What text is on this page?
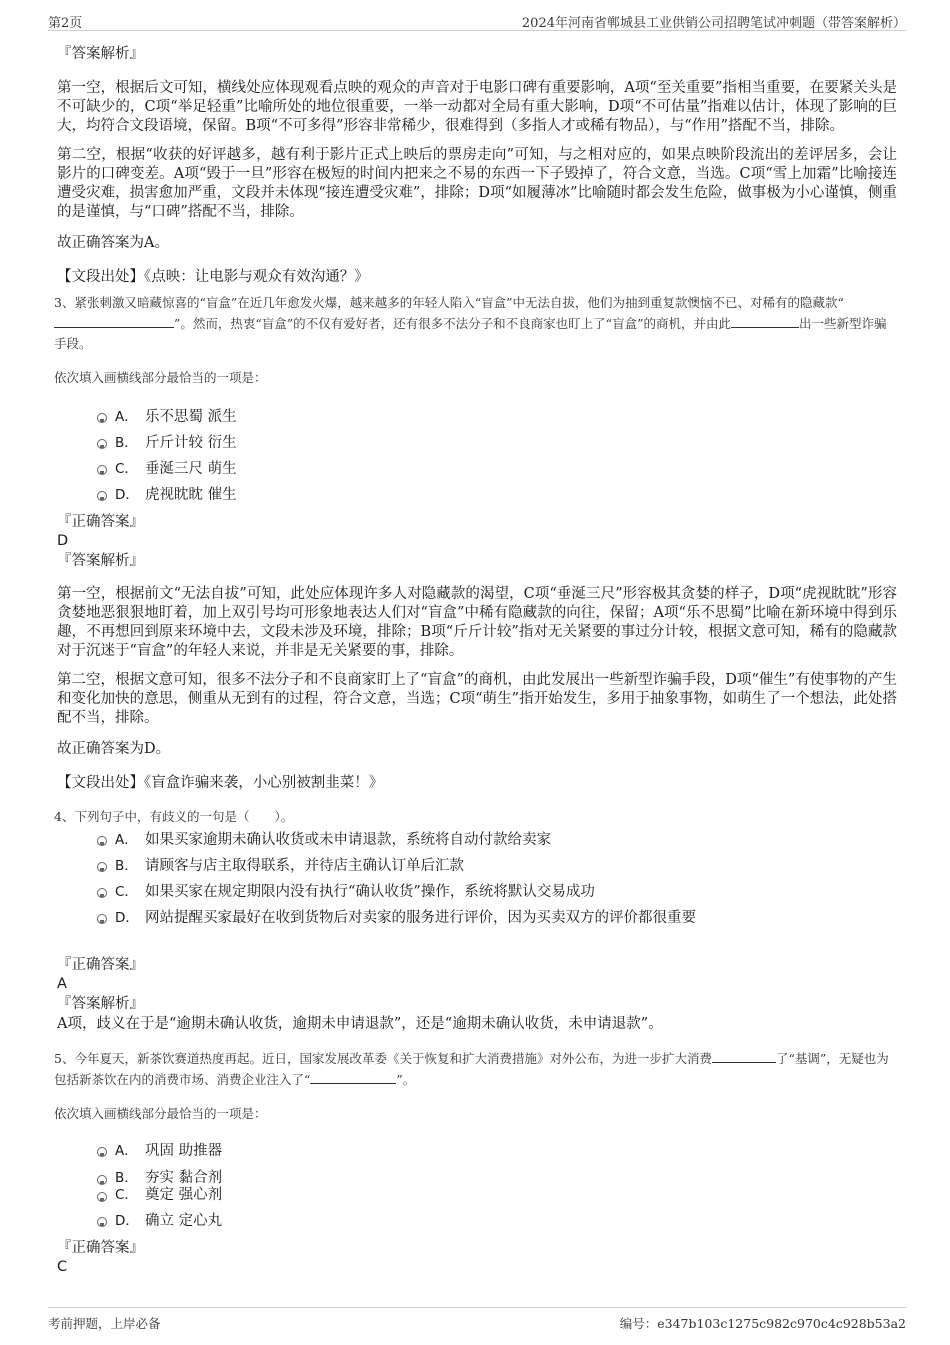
第2页	2024年河南省郸城县工业供销公司招聘笔试冲刺题（带答案解析）
『答案解析』

第一空，根据后文可知，横线处应体现观看点映的观众的声音对于电影口碑有重要影响，A项“至关重要”指相当重要，在要紧关头是不可缺少的，C项“举足轻重”比喻所处的地位很重要，一举一动都对全局有重大影响，D项“不可估量”指难以估计，体现了影响的巨大，均符合文段语境，保留。B项“不可多得”形容非常稀少，很难得到（多指人才或稀有物品），与“作用”搭配不当，排除。

第二空，根据“收获的好评越多，越有利于影片正式上映后的票房走向”可知，与之相对应的，如果点映阶段流出的差评居多，会让影片的口碑变差。A项“毁于一旦”形容在极短的时间内把来之不易的东西一下子毁掉了，符合文意，当选。C项“雪上加霜”比喻接连遭受灾难，损害愈加严重，文段并未体现“接连遭受灾难”，排除；D项“如履薄冰”比喻随时都会发生危险，做事极为小心谨慎，侧重的是谨慎，与“口碑”搭配不当，排除。

故正确答案为A。

【文段出处】《点映：让电影与观众有效沟通？》
3、紧张刺激又暗藏惊喜的“盲盒”在近几年愈发火爆，越来越多的年轻人陷入“盲盒”中无法自拔，他们为抽到重复款懊恼不已、对稀有的隐藏款“”。然而，热衷“盲盒”的不仅有爱好者，还有很多不法分子和不良商家也盯上了“盲盒”的商机，并由此	出一些新型诈骗手段。
依次填入画横线部分最恰当的一项是：
A． 乐不思蜀 派生
B． 斤斤计较 衍生
C． 垂涎三尺 萌生
D． 虎视眈眈 催生
『正确答案』
D
『答案解析』

第一空，根据前文“无法自拔”可知，此处应体现许多人对隐藏款的渴望，C项“垂涎三尺”形容极其贪婪的样子，D项“虎视眈眈”形容贪婪地恶狠狠地盯着，加上双引号均可形象地表达人们对“盲盒”中稀有隐藏款的向往，保留；A项“乐不思蜀”比喻在新环境中得到乐趣，不再想回到原来环境中去，文段未涉及环境，排除；B项“斤斤计较”指对无关紧要的事过分计较，根据文意可知，稀有的隐藏款对于沉迷于“盲盒”的年轻人来说，并非是无关紧要的事，排除。

第二空，根据文意可知，很多不法分子和不良商家盯上了“盲盒”的商机，由此发展出一些新型诈骗手段，D项“催生”有使事物的产生和变化加快的意思，侧重从无到有的过程，符合文意，当选；C项“萌生”指开始发生，多用于抽象事物，如萌生了一个想法，此处搭配不当，排除。

故正确答案为D。

【文段出处】《盲盒诈骗来袭，小心别被割韭菜！》
4、下列句子中，有歧义的一句是（　　）。
A． 如果买家逾期未确认收货或未申请退款，系统将自动付款给卖家
B． 请顾客与店主取得联系，并待店主确认订单后汇款
C． 如果买家在规定期限内没有执行“确认收货”操作，系统将默认交易成功
D． 网站提醒买家最好在收到货物后对卖家的服务进行评价，因为买卖双方的评价都很重要
『正确答案』
A
『答案解析』
A项，歧义在于是“逾期未确认收货，逾期未申请退款”，还是“逾期未确认收货，未申请退款”。
5、今年夏天，新茶饮赛道热度再起。近日，国家发展改革委《关于恢复和扩大消费措施》对外公布，为进一步扩大消费	了“基调”，无疑也为包括新茶饮在内的消费市场、消费企业注入了“	”。
依次填入画横线部分最恰当的一项是：
A． 巩固 助推器
B． 夯实 黏合剂
C． 奠定 强心剂
D． 确立 定心丸
『正确答案』
C
考前押题，上岸必备	编号：e347b103c1275c982c970c4c928b53a2
